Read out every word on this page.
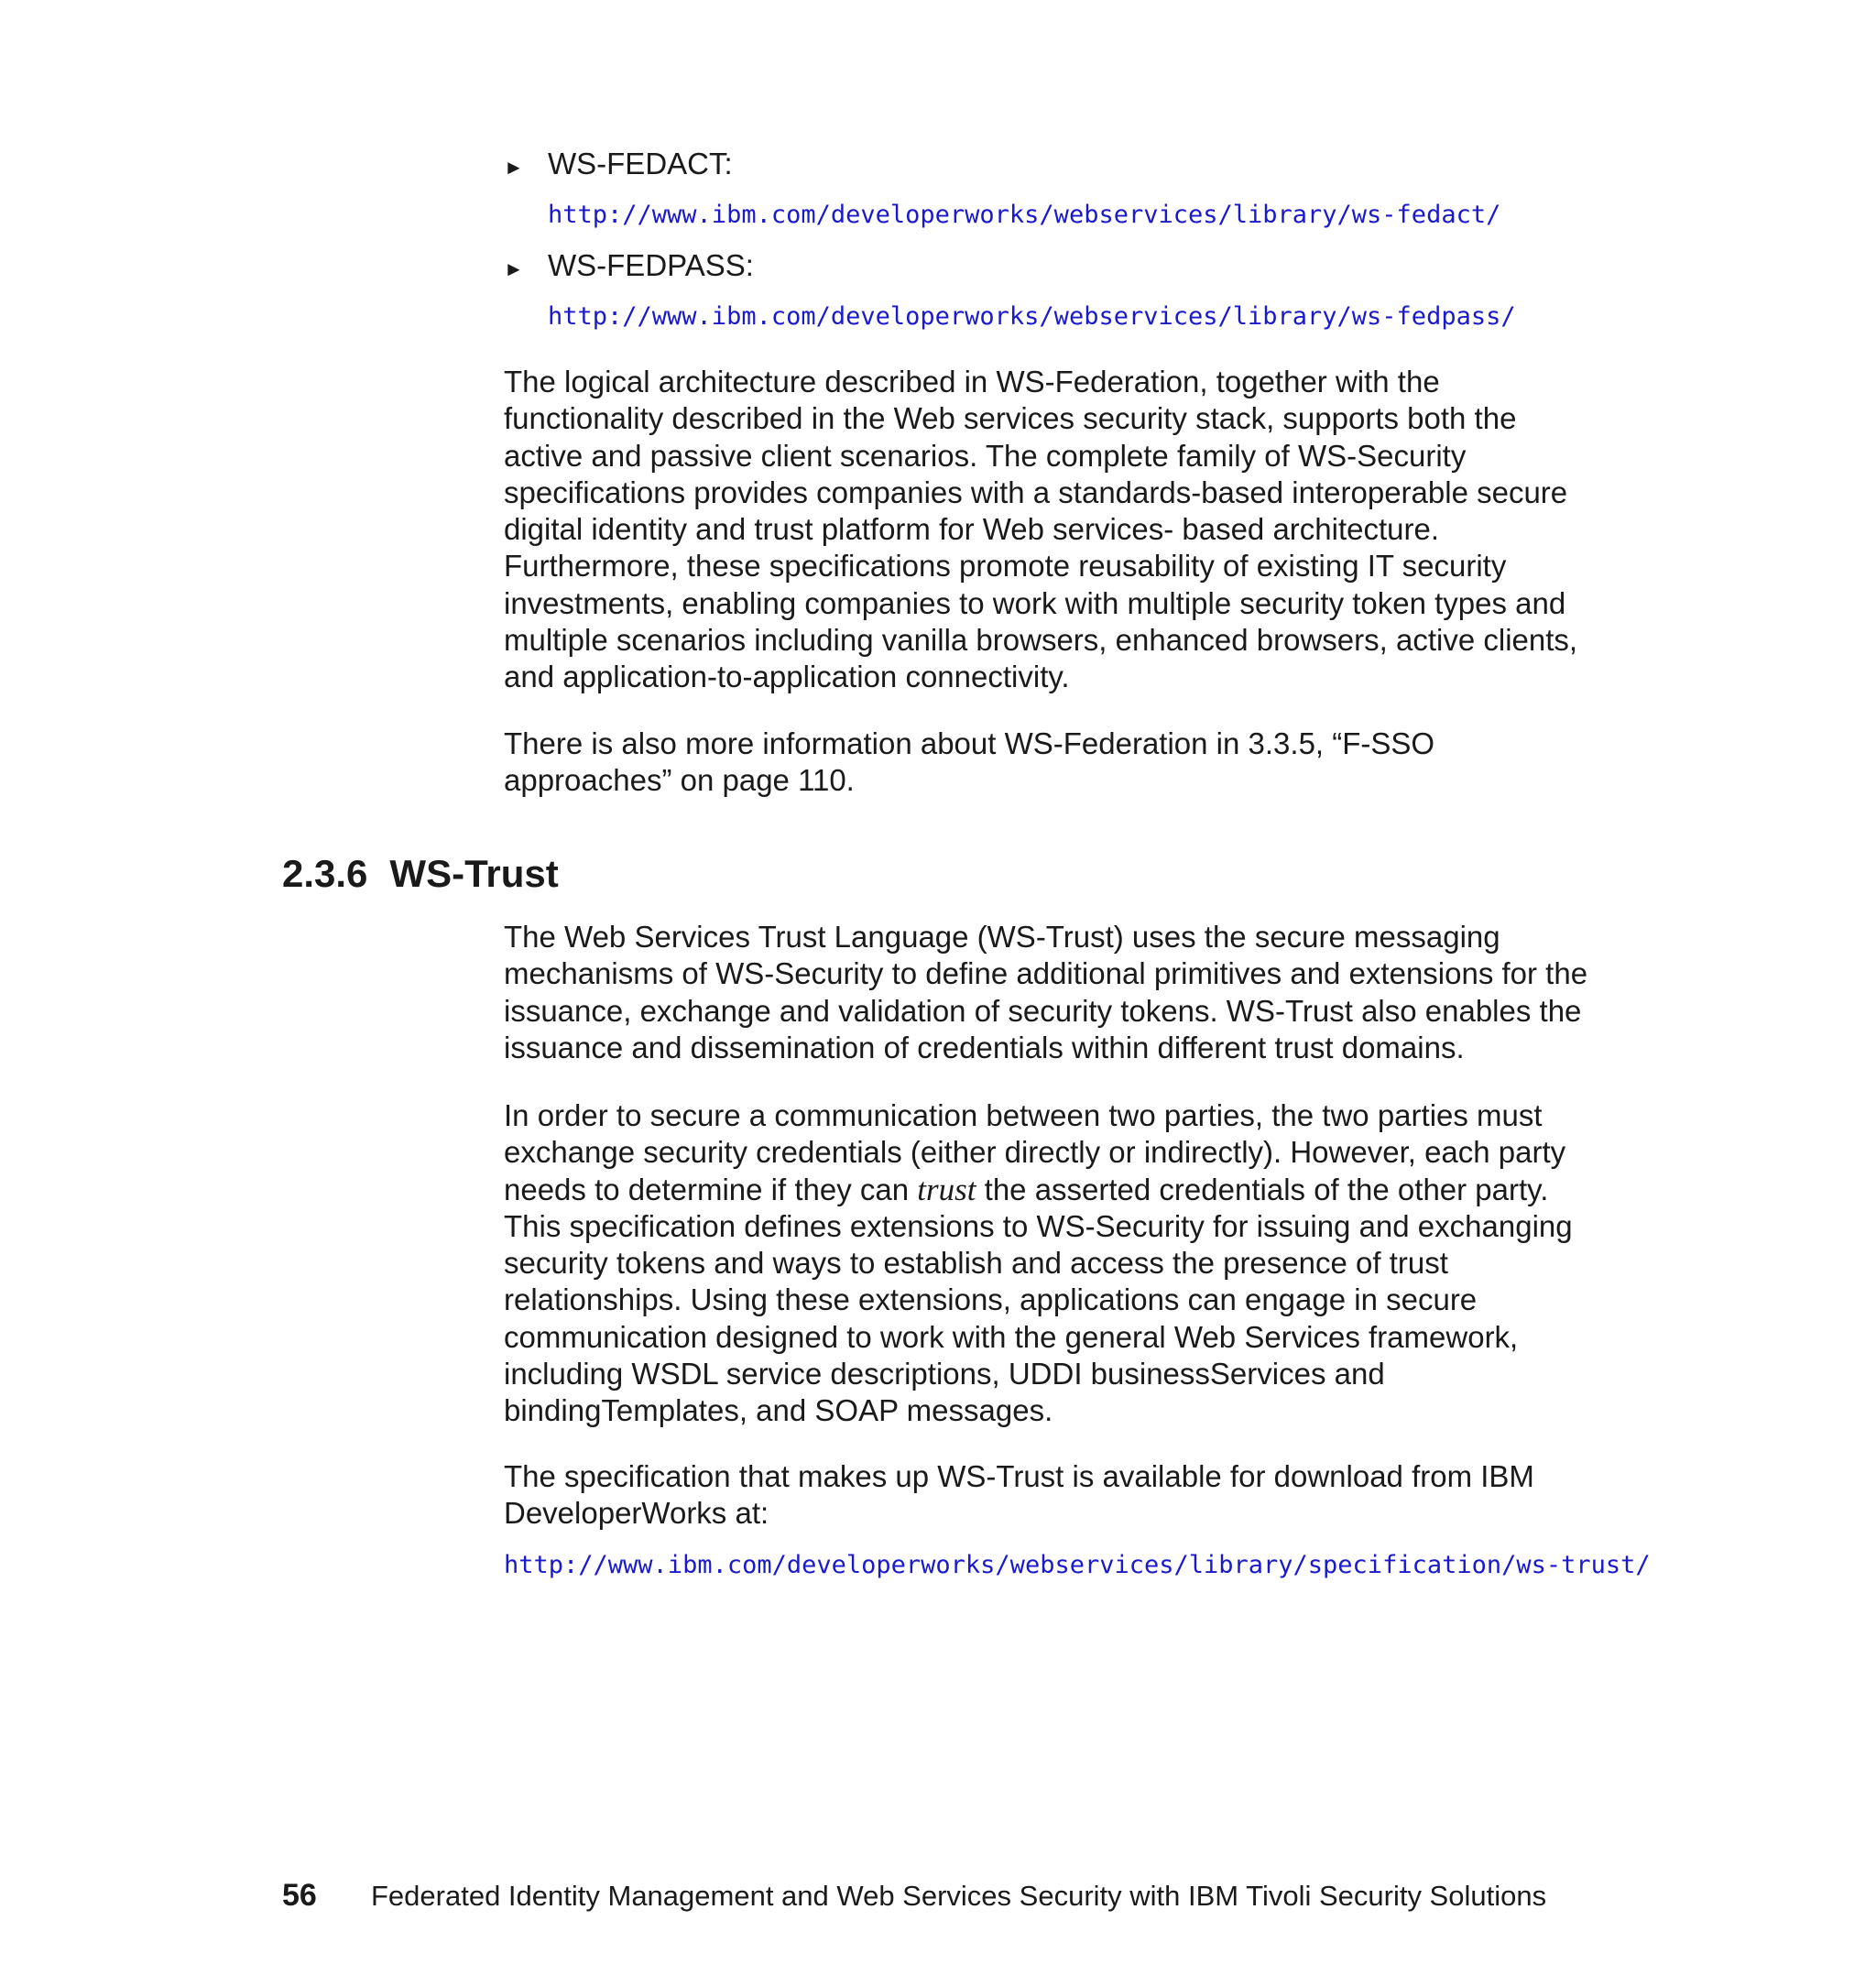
► WS-FEDACT:
http://www.ibm.com/developerworks/webservices/library/ws-fedact/
► WS-FEDPASS:
http://www.ibm.com/developerworks/webservices/library/ws-fedpass/

The logical architecture described in WS-Federation, together with the functionality described in the Web services security stack, supports both the active and passive client scenarios. The complete family of WS-Security specifications provides companies with a standards-based interoperable secure digital identity and trust platform for Web services- based architecture. Furthermore, these specifications promote reusability of existing IT security investments, enabling companies to work with multiple security token types and multiple scenarios including vanilla browsers, enhanced browsers, active clients, and application-to-application connectivity.

There is also more information about WS-Federation in 3.3.5, “F-SSO approaches” on page 110.

2.3.6 WS-Trust

The Web Services Trust Language (WS-Trust) uses the secure messaging mechanisms of WS-Security to define additional primitives and extensions for the issuance, exchange and validation of security tokens. WS-Trust also enables the issuance and dissemination of credentials within different trust domains.

In order to secure a communication between two parties, the two parties must exchange security credentials (either directly or indirectly). However, each party needs to determine if they can trust the asserted credentials of the other party. This specification defines extensions to WS-Security for issuing and exchanging security tokens and ways to establish and access the presence of trust relationships. Using these extensions, applications can engage in secure communication designed to work with the general Web Services framework, including WSDL service descriptions, UDDI businessServices and bindingTemplates, and SOAP messages.

The specification that makes up WS-Trust is available for download from IBM DeveloperWorks at:

http://www.ibm.com/developerworks/webservices/library/specification/ws-trust/
56 Federated Identity Management and Web Services Security with IBM Tivoli Security Solutions
